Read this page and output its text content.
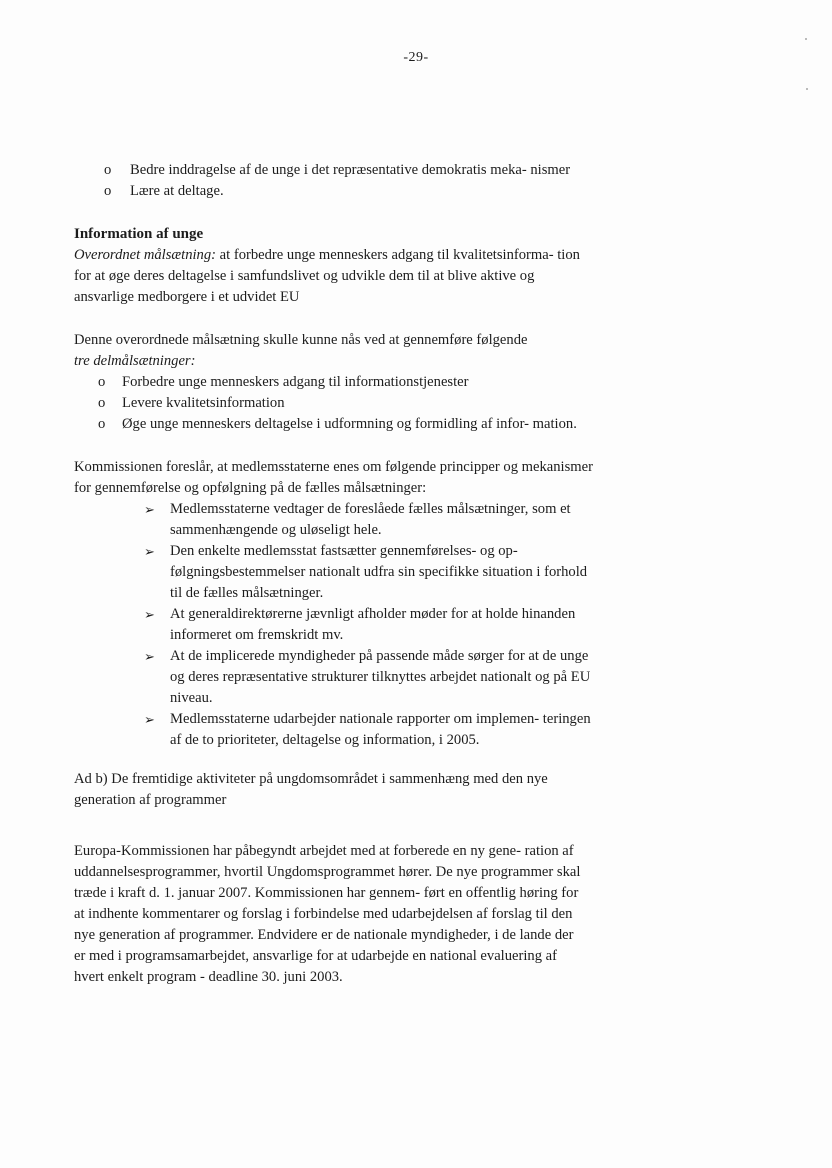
-29-
o Bedre inddragelse af de unge i det repræsentative demokratis meka- nismer
o Lære at deltage.
Information af unge

Overordnet målsætning: at forbedre unge menneskers adgang til kvalitetsinforma- tion for at øge deres deltagelse i samfundslivet og udvikle dem til at blive aktive og ansvarlige medborgere i et udvidet EU

Denne overordnede målsætning skulle kunne nås ved at gennemføre følgende
tre delmålsætninger:

o Forbedre unge menneskers adgang til informationstjenester
o Levere kvalitetsinformation
o Øge unge menneskers deltagelse i udformning og formidling af infor- mation.

Kommissionen foreslår, at medlemsstaterne enes om følgende principper og mekanismer for gennemførelse og opfølgning på de fælles målsætninger:

➢ Medlemsstaterne vedtager de foreslåede fælles målsætninger, som et sammenhængende og uløseligt hele.
➢ Den enkelte medlemsstat fastsætter gennemførelses- og op- følgningsbestemmelser nationalt udfra sin specifikke situation i forhold til de fælles målsætninger.
➢ At generaldirektørerne jævnligt afholder møder for at holde hinanden informeret om fremskridt mv.
➢ At de implicerede myndigheder på passende måde sørger for at de unge og deres repræsentative strukturer tilknyttes arbejdet nationalt og på EU niveau.
➢ Medlemsstaterne udarbejder nationale rapporter om implemen- teringen af de to prioriteter, deltagelse og information, i 2005.

Ad b) De fremtidige aktiviteter på ungdomsområdet i sammenhæng med den nye generation af programmer

Europa-Kommissionen har påbegyndt arbejdet med at forberede en ny gene- ration af uddannelsesprogrammer, hvortil Ungdomsprogrammet hører. De nye programmer skal træde i kraft d. 1. januar 2007. Kommissionen har gennem- ført en offentlig høring for at indhente kommentarer og forslag i forbindelse med udarbejdelsen af forslag til den nye generation af programmer. Endvidere er de nationale myndigheder, i de lande der er med i programsamarbejdet, ansvarlige for at udarbejde en national evaluering af hvert enkelt program - deadline 30. juni 2003.
